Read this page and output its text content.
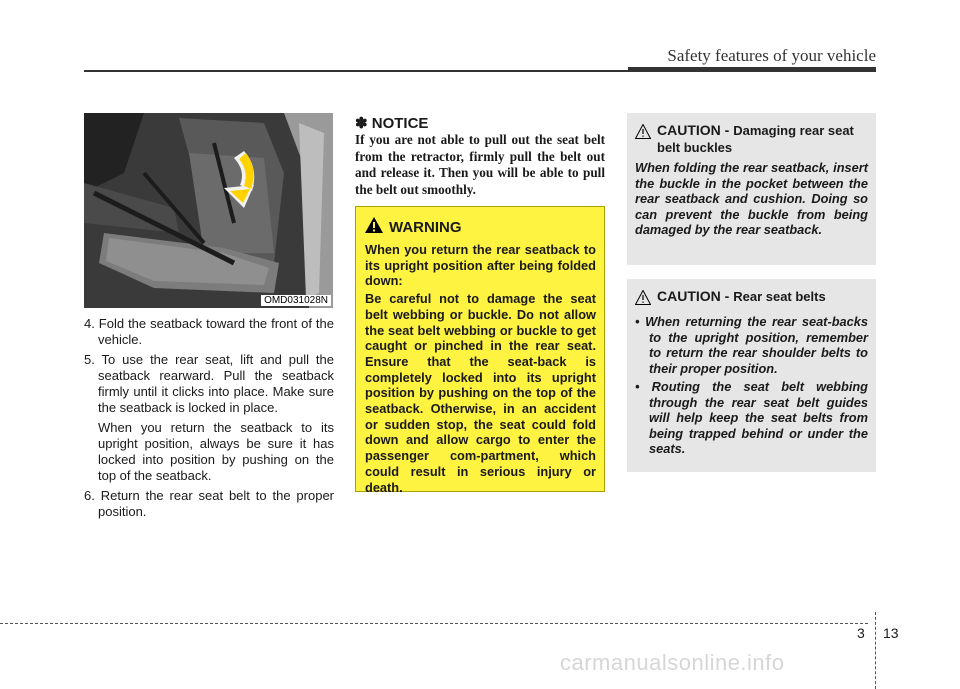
Safety features of your vehicle
OMD031028N

4. Fold the seatback toward the front of the vehicle.

5. To use the rear seat, lift and pull the seatback rearward. Pull the seatback firmly until it clicks into place. Make sure the seatback is locked in place.

When you return the seatback to its upright position, always be sure it has locked into position by pushing on the top of the seatback.

6. Return the rear seat belt to the proper position.

✽ NOTICE
If you are not able to pull out the seat belt from the retractor, firmly pull the belt out and release it. Then you will be able to pull the belt out smoothly.
WARNING

When you return the rear seatback to its upright position after being folded down:

Be careful not to damage the seat belt webbing or buckle. Do not allow the seat belt webbing or buckle to get caught or pinched in the rear seat. Ensure that the seat-back is completely locked into its upright position by pushing on the top of the seatback. Otherwise, in an accident or sudden stop, the seat could fold down and allow cargo to enter the passenger com-partment, which could result in serious injury or death.

CAUTION - Damaging rear seat belt buckles

When folding the rear seatback, insert the buckle in the pocket between the rear seatback and cushion. Doing so can prevent the buckle from being damaged by the rear seatback.

CAUTION - Rear seat belts
• When returning the rear seat-backs to the upright position, remember to return the rear shoulder belts to their proper position.
• Routing the seat belt webbing through the rear seat belt guides will help keep the seat belts from being trapped behind or under the seats.
3 13
carmanualsonline.info
